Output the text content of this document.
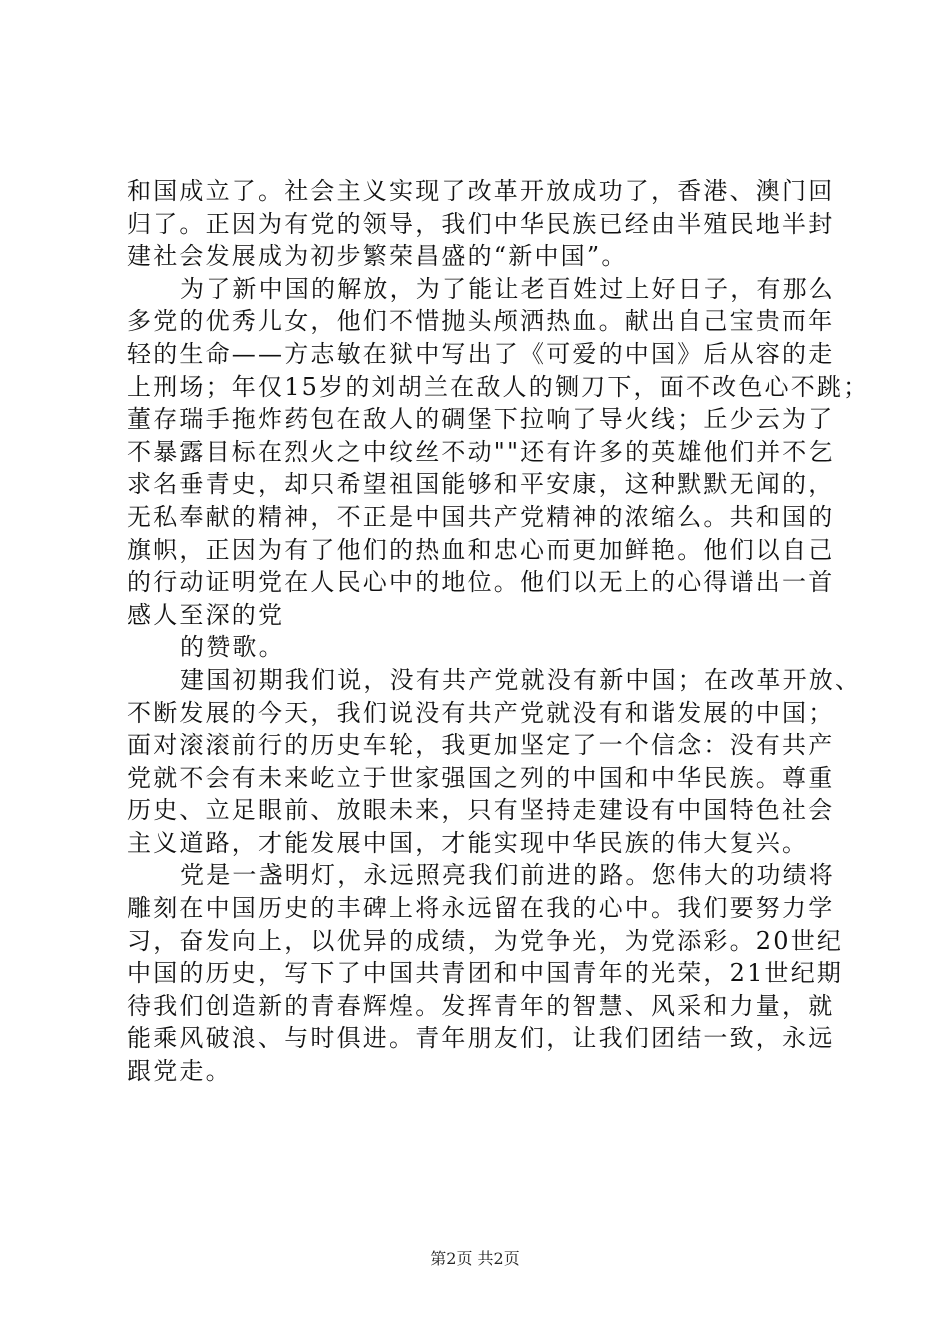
和国成立了。社会主义实现了改革开放成功了，香港、澳门回
归了。正因为有党的领导，我们中华民族已经由半殖民地半封
建社会发展成为初步繁荣昌盛的“新中国”。
为了新中国的解放，为了能让老百姓过上好日子，有那么
多党的优秀儿女，他们不惜抛头颅洒热血。献出自己宝贵而年
轻的生命——方志敏在狱中写出了《可爱的中国》后从容的走
上刑场；年仅15岁的刘胡兰在敌人的铡刀下，面不改色心不跳；
董存瑞手拖炸药包在敌人的碉堡下拉响了导火线；丘少云为了
不暴露目标在烈火之中纹丝不动""还有许多的英雄他们并不乞
求名垂青史，却只希望祖国能够和平安康，这种默默无闻的，
无私奉献的精神，不正是中国共产党精神的浓缩么。共和国的
旗帜，正因为有了他们的热血和忠心而更加鲜艳。他们以自己
的行动证明党在人民心中的地位。他们以无上的心得谱出一首
感人至深的党
的赞歌。
建国初期我们说，没有共产党就没有新中国；在改革开放、
不断发展的今天，我们说没有共产党就没有和谐发展的中国；
面对滚滚前行的历史车轮，我更加坚定了一个信念：没有共产
党就不会有未来屹立于世家强国之列的中国和中华民族。尊重
历史、立足眼前、放眼未来，只有坚持走建设有中国特色社会
主义道路，才能发展中国，才能实现中华民族的伟大复兴。
党是一盏明灯，永远照亮我们前进的路。您伟大的功绩将
雕刻在中国历史的丰碑上将永远留在我的心中。我们要努力学
习，奋发向上，以优异的成绩，为党争光，为党添彩。20世纪
中国的历史，写下了中国共青团和中国青年的光荣，21世纪期
待我们创造新的青春辉煌。发挥青年的智慧、风采和力量，就
能乘风破浪、与时俱进。青年朋友们，让我们团结一致，永远
跟党走。
第2页 共2页
